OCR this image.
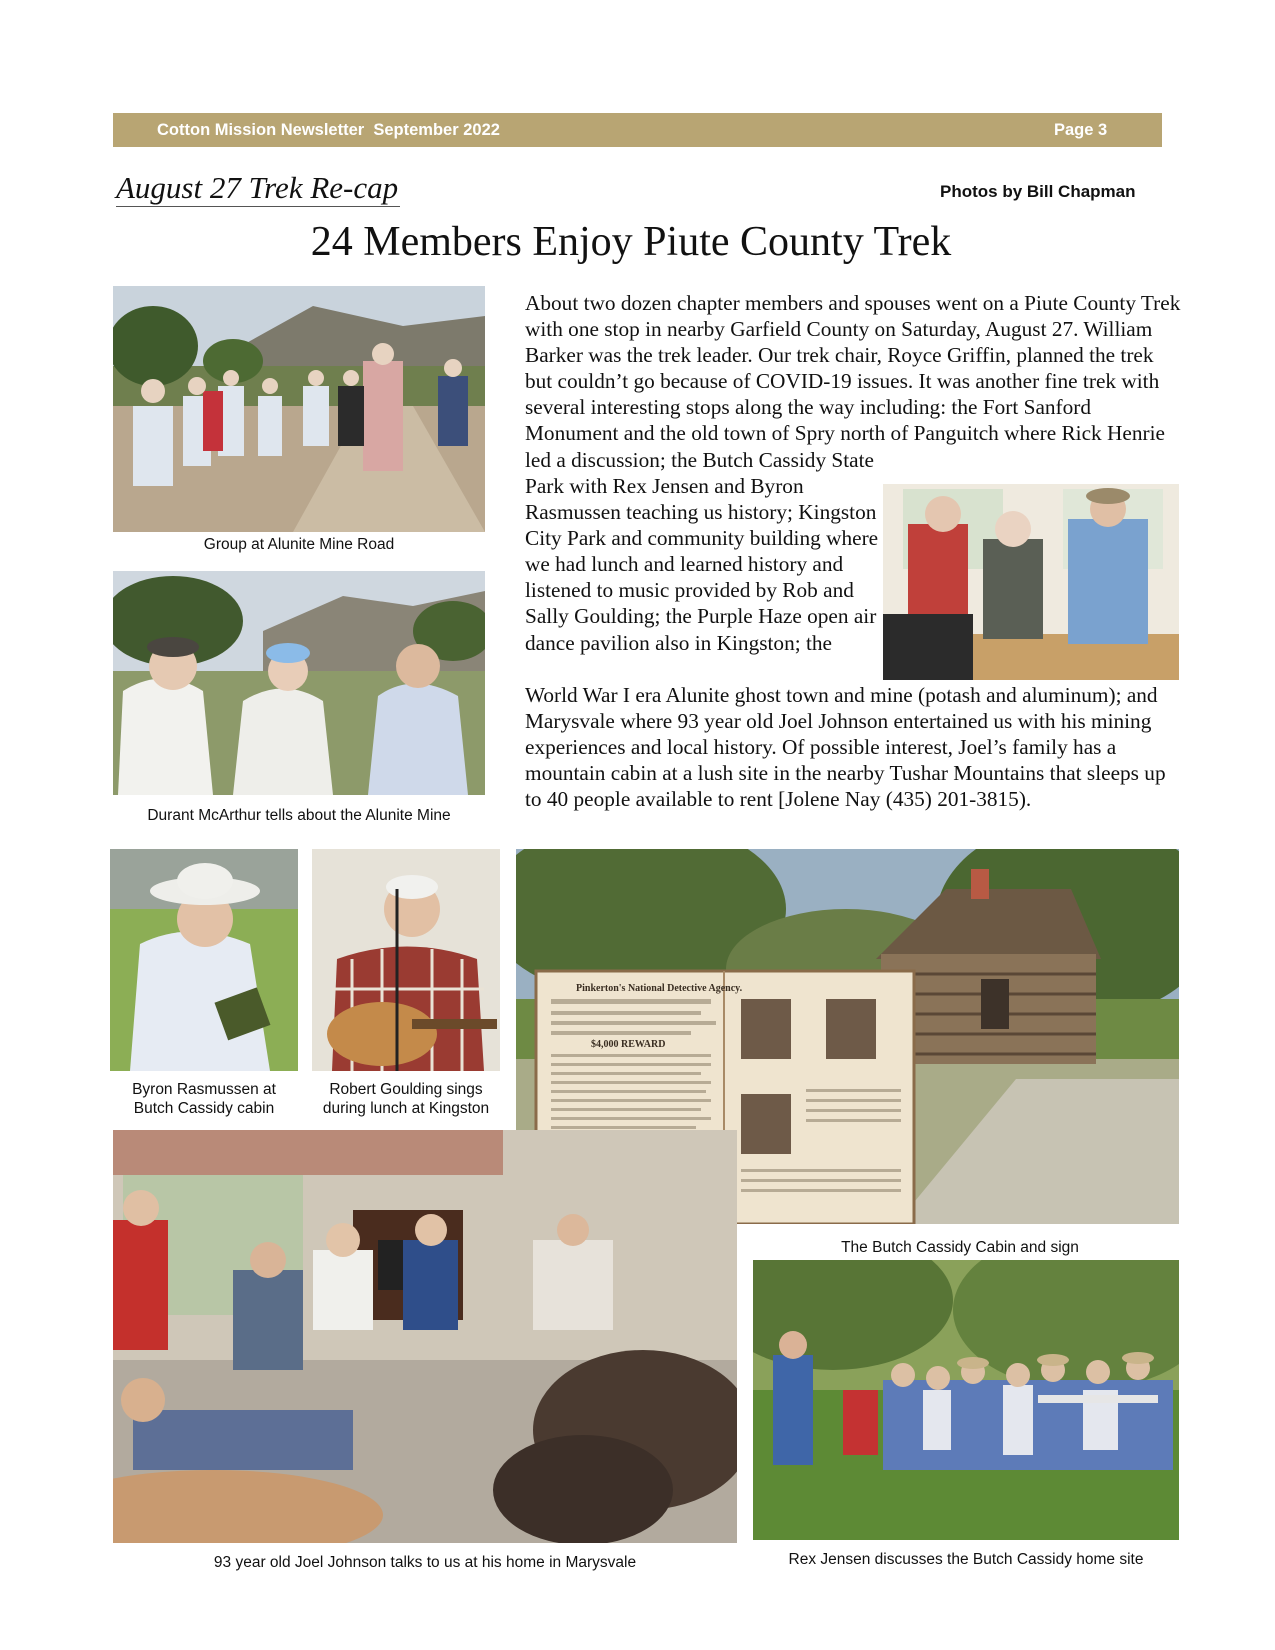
Cotton Mission Newsletter  September 2022	Page 3
August 27 Trek Re-cap	Photos by Bill Chapman
24 Members Enjoy Piute County Trek

About two dozen chapter members and spouses went on a Piute County Trek with one stop in nearby Garfield County on Saturday, August 27. William Barker was the trek leader. Our trek chair, Royce Griffin, planned the trek but couldn’t go because of COVID-19 issues. It was another fine trek with several interesting stops along the way including: the Fort Sanford Monument and the old town of Spry north of Panguitch where Rick Henrie led a discussion; the Butch Cassidy State

Park with Rex Jensen and Byron Rasmussen teaching us history; Kingston City Park and community building where we had lunch and learned history and listened to music provided by Rob and Sally Goulding; the Purple Haze open air dance pavilion also in Kingston; the

World War I era Alunite ghost town and mine (potash and aluminum); and Marysvale where 93 year old Joel Johnson entertained us with his mining experiences and local history. Of possible interest, Joel’s family has a mountain cabin at a lush site in the nearby Tushar Mountains that sleeps up to 40 people available to rent [Jolene Nay (435) 201-3815).

Group at Alunite Mine Road
Durant McArthur tells about the Alunite Mine
Byron Rasmussen at
Butch Cassidy cabin
Robert Goulding sings
during lunch at Kingston
Pinkerton's National Detective Agency.
$4,000 REWARD
The Butch Cassidy Cabin and sign
93 year old Joel Johnson talks to us at his home in Marysvale	Rex Jensen discusses the Butch Cassidy home site
